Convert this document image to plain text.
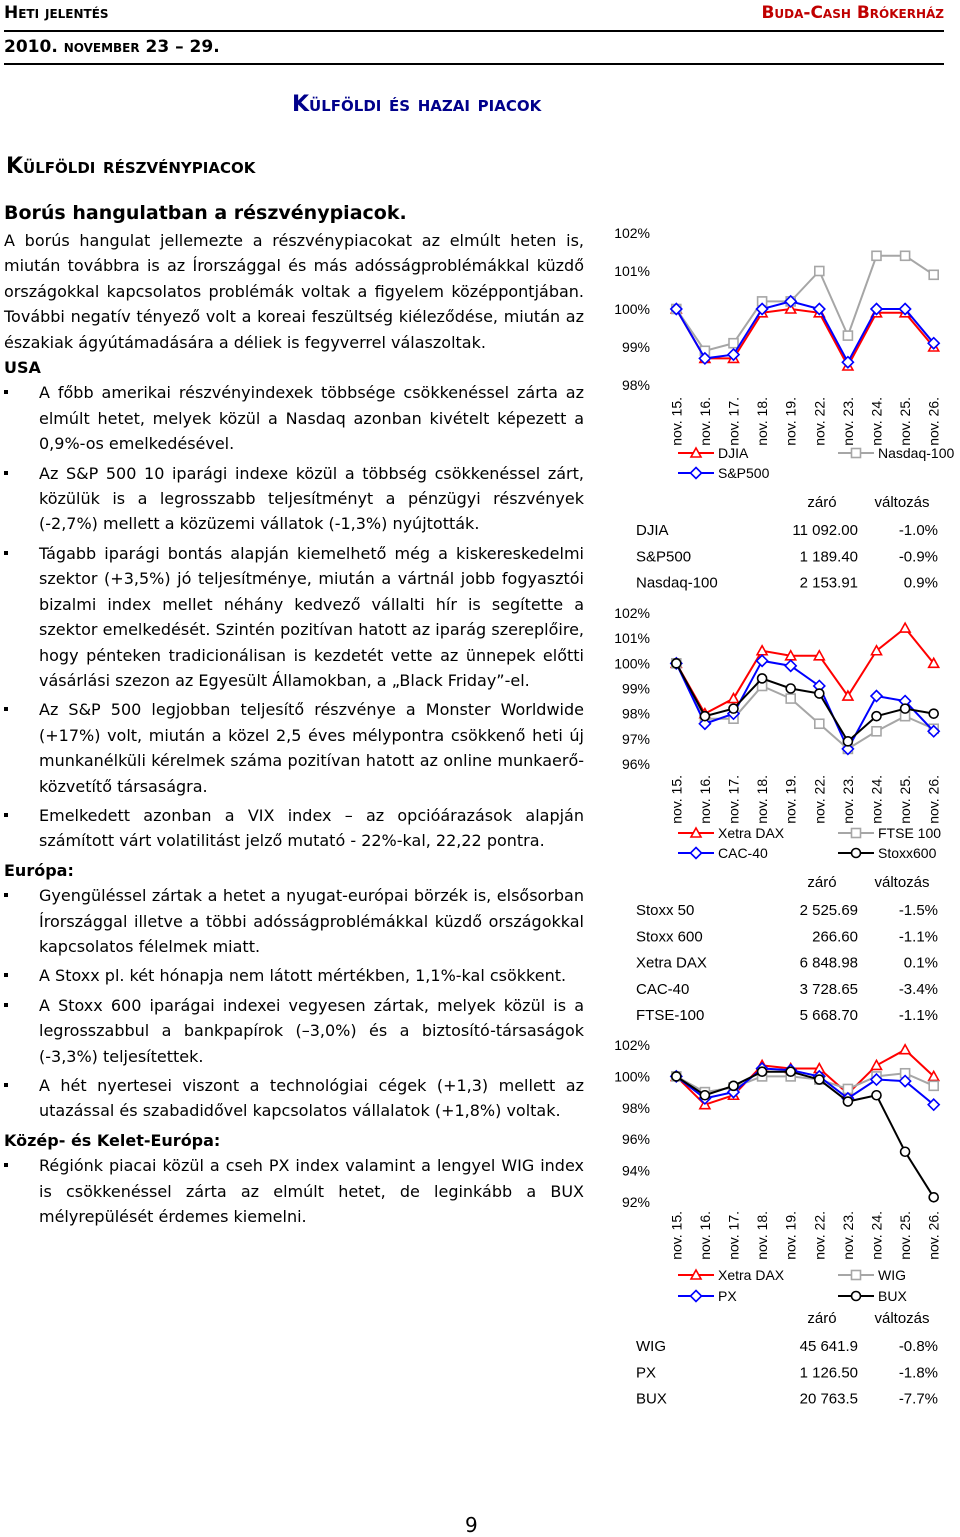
Heti jelentés	Buda-Cash Brókerház
2010. november 23 – 29.
Külföldi és hazai piacok
Külföldi részvénypiacok
Borús hangulatban a részvénypiacok.

A borús hangulat jellemezte a részvénypiacokat az elmúlt heten is, miután továbbra is az Írországgal és más adósságproblémákkal küzdő országokkal kapcsolatos problémák voltak a figyelem középpontjában. További negatív tényező volt a koreai feszültség kiéleződése, miután az északiak ágyútámadására a déliek is fegyverrel válaszoltak.

USA

A főbb amerikai részvényindexek többsége csökkenéssel zárta az elmúlt hetet, melyek közül a Nasdaq azonban kivételt képezett a 0,9%-os emelkedésével.
Az S&P 500 10 iparági indexe közül a többség csökkenéssel zárt, közülük is a legrosszabb teljesítményt a pénzügyi részvények (-2,7%) mellett a közüzemi vállatok (-1,3%) nyújtották.
Tágabb iparági bontás alapján kiemelhető még a kiskereskedelmi szektor (+3,5%) jó teljesítménye, miután a vártnál jobb fogyasztói bizalmi index mellet néhány kedvező vállalti hír is segítette a szektor emelkedését. Szintén pozitívan hatott az iparág szereplőire, hogy pénteken tradicionálisan is kezdetét vette az ünnepek előtti vásárlási szezon az Egyesült Államokban, a „Black Friday”-el.
Az S&P 500 legjobban teljesítő részvénye a Monster Worldwide (+17%) volt, miután a közel 2,5 éves mélypontra csökkenő heti új munkanélküli kérelmek száma pozitívan hatott az online munkaerő-közvetítő társaságra.
Emelkedett azonban a VIX index – az opcióárazások alapján számított várt volatilitást jelző mutató - 22%-kal, 22,22 pontra.

Európa:

Gyengüléssel zártak a hetet a nyugat-európai börzék is, elsősorban Írországgal illetve a többi adósságproblémákkal küzdő országokkal kapcsolatos félelmek miatt.
A Stoxx pl. két hónapja nem látott mértékben, 1,1%-kal csökkent.
A Stoxx 600 iparágai indexei vegyesen zártak, melyek közül is a legrosszabbul a bankpapírok (–3,0%) és a biztosító-társaságok (-3,3%) teljesítettek.
A hét nyertesei viszont a technológiai cégek (+1,3) mellett az utazással és szabadidővel kapcsolatos vállalatok (+1,8%) voltak.

Közép- és Kelet-Európa:

Régiónk piacai közül a cseh PX index valamint a lengyel WIG index is csökkenéssel zárta az elmúlt hetet, de leginkább a BUX mélyrepülését érdemes kiemelni.
102%
101%
100%
99%
98%
nov. 15. nov. 16. nov. 17. nov. 18. nov. 19. nov. 22. nov. 23. nov. 24. nov. 25. nov. 26.
DJIA	Nasdaq-100
S&P500
záró	változás
DJIA	11 092.00	-1.0%
S&P500	1 189.40	-0.9%
Nasdaq-100	2 153.91	0.9%
102%
101%
100%
99%
98%
97%
96%
nov. 15. nov. 16. nov. 17. nov. 18. nov. 19. nov. 22. nov. 23. nov. 24. nov. 25. nov. 26.
Xetra DAX	FTSE 100
CAC-40	Stoxx600
záró	változás
Stoxx 50	2 525.69	-1.5%
Stoxx 600	266.60	-1.1%
Xetra DAX	6 848.98	0.1%
CAC-40	3 728.65	-3.4%
FTSE-100	5 668.70	-1.1%
102%
100%
98%
96%
94%
92%
nov. 15. nov. 16. nov. 17. nov. 18. nov. 19. nov. 22. nov. 23. nov. 24. nov. 25. nov. 26.
Xetra DAX	WIG
PX	BUX
záró	változás
WIG	45 641.9	-0.8%
PX	1 126.50	-1.8%
BUX	20 763.5	-7.7%
9
